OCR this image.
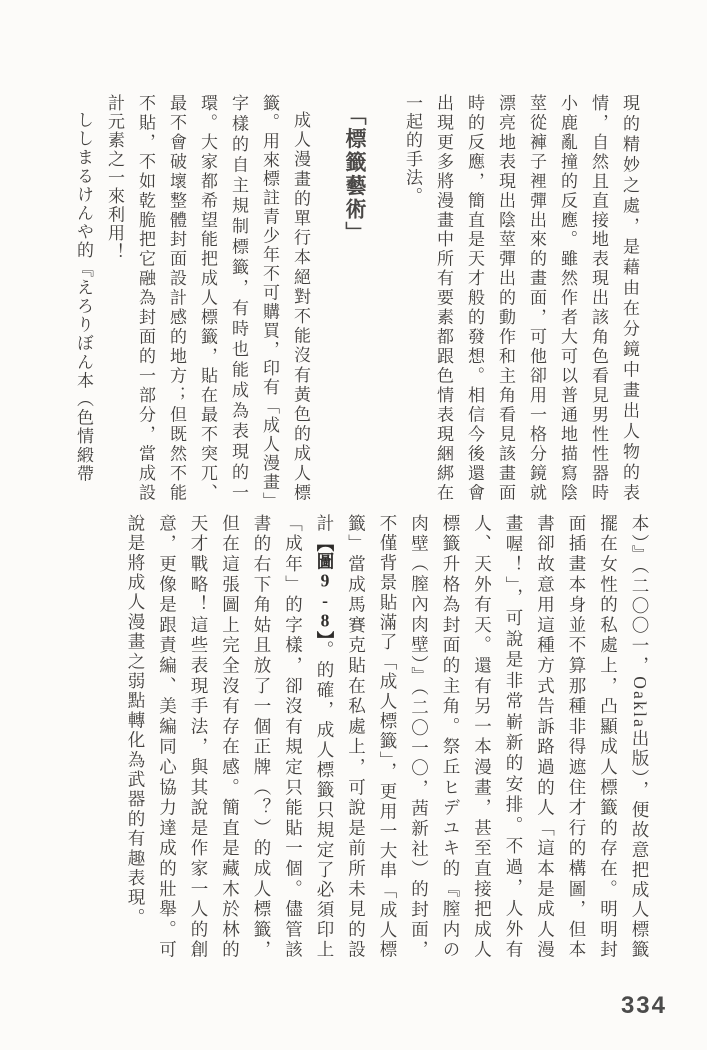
現的精妙之處，是藉由在分鏡中畫出人物的表情，自然且直接地表現出該角色看見男性性器時小鹿亂撞的反應。雖然作者大可以普通地描寫陰莖從褲子裡彈出來的畫面，可他卻用一格分鏡就漂亮地表現出陰莖彈出的動作和主角看見該畫面時的反應，簡直是天才般的發想。相信今後還會出現更多將漫畫中所有要素都跟色情表現綑綁在一起的手法。

「標籤藝術」

成人漫畫的單行本絕對不能沒有黃色的成人標籤。用來標註青少年不可購買，印有「成人漫畫」字樣的自主規制標籤，有時也能成為表現的一環。大家都希望能把成人標籤，貼在最不突兀、最不會破壞整體封面設計感的地方；但既然不能不貼，不如乾脆把它融為封面的一部分，當成設計元素之一來利用！

ししまるけんや的『えろりぼん本（色情緞帶

本）』（二〇〇一，Oakla出版），便故意把成人標籤擺在女性的私處上，凸顯成人標籤的存在。明明封面插畫本身並不算那種非得遮住才行的構圖，但本書卻故意用這種方式告訴路過的人「這本是成人漫畫喔！」，可說是非常嶄新的安排。不過，人外有人、天外有天。還有另一本漫畫，甚至直接把成人標籤升格為封面的主角。祭丘ヒデユキ的『膣内の肉壁（膣內肉壁）』（二〇一〇，茜新社）的封面，不僅背景貼滿了「成人標籤」，更用一大串「成人標籤」當成馬賽克貼在私處上，可說是前所未見的設計【圖9-8】。的確，成人標籤只規定了必須印上「成年」的字樣，卻沒有規定只能貼一個。儘管該書的右下角姑且放了一個正牌（？）的成人標籤，但在這張圖上完全沒有存在感。簡直是藏木於林的天才戰略！這些表現手法，與其說是作家一人的創意，更像是跟責編、美編同心協力達成的壯舉。可說是將成人漫畫之弱點轉化為武器的有趣表現。

334
